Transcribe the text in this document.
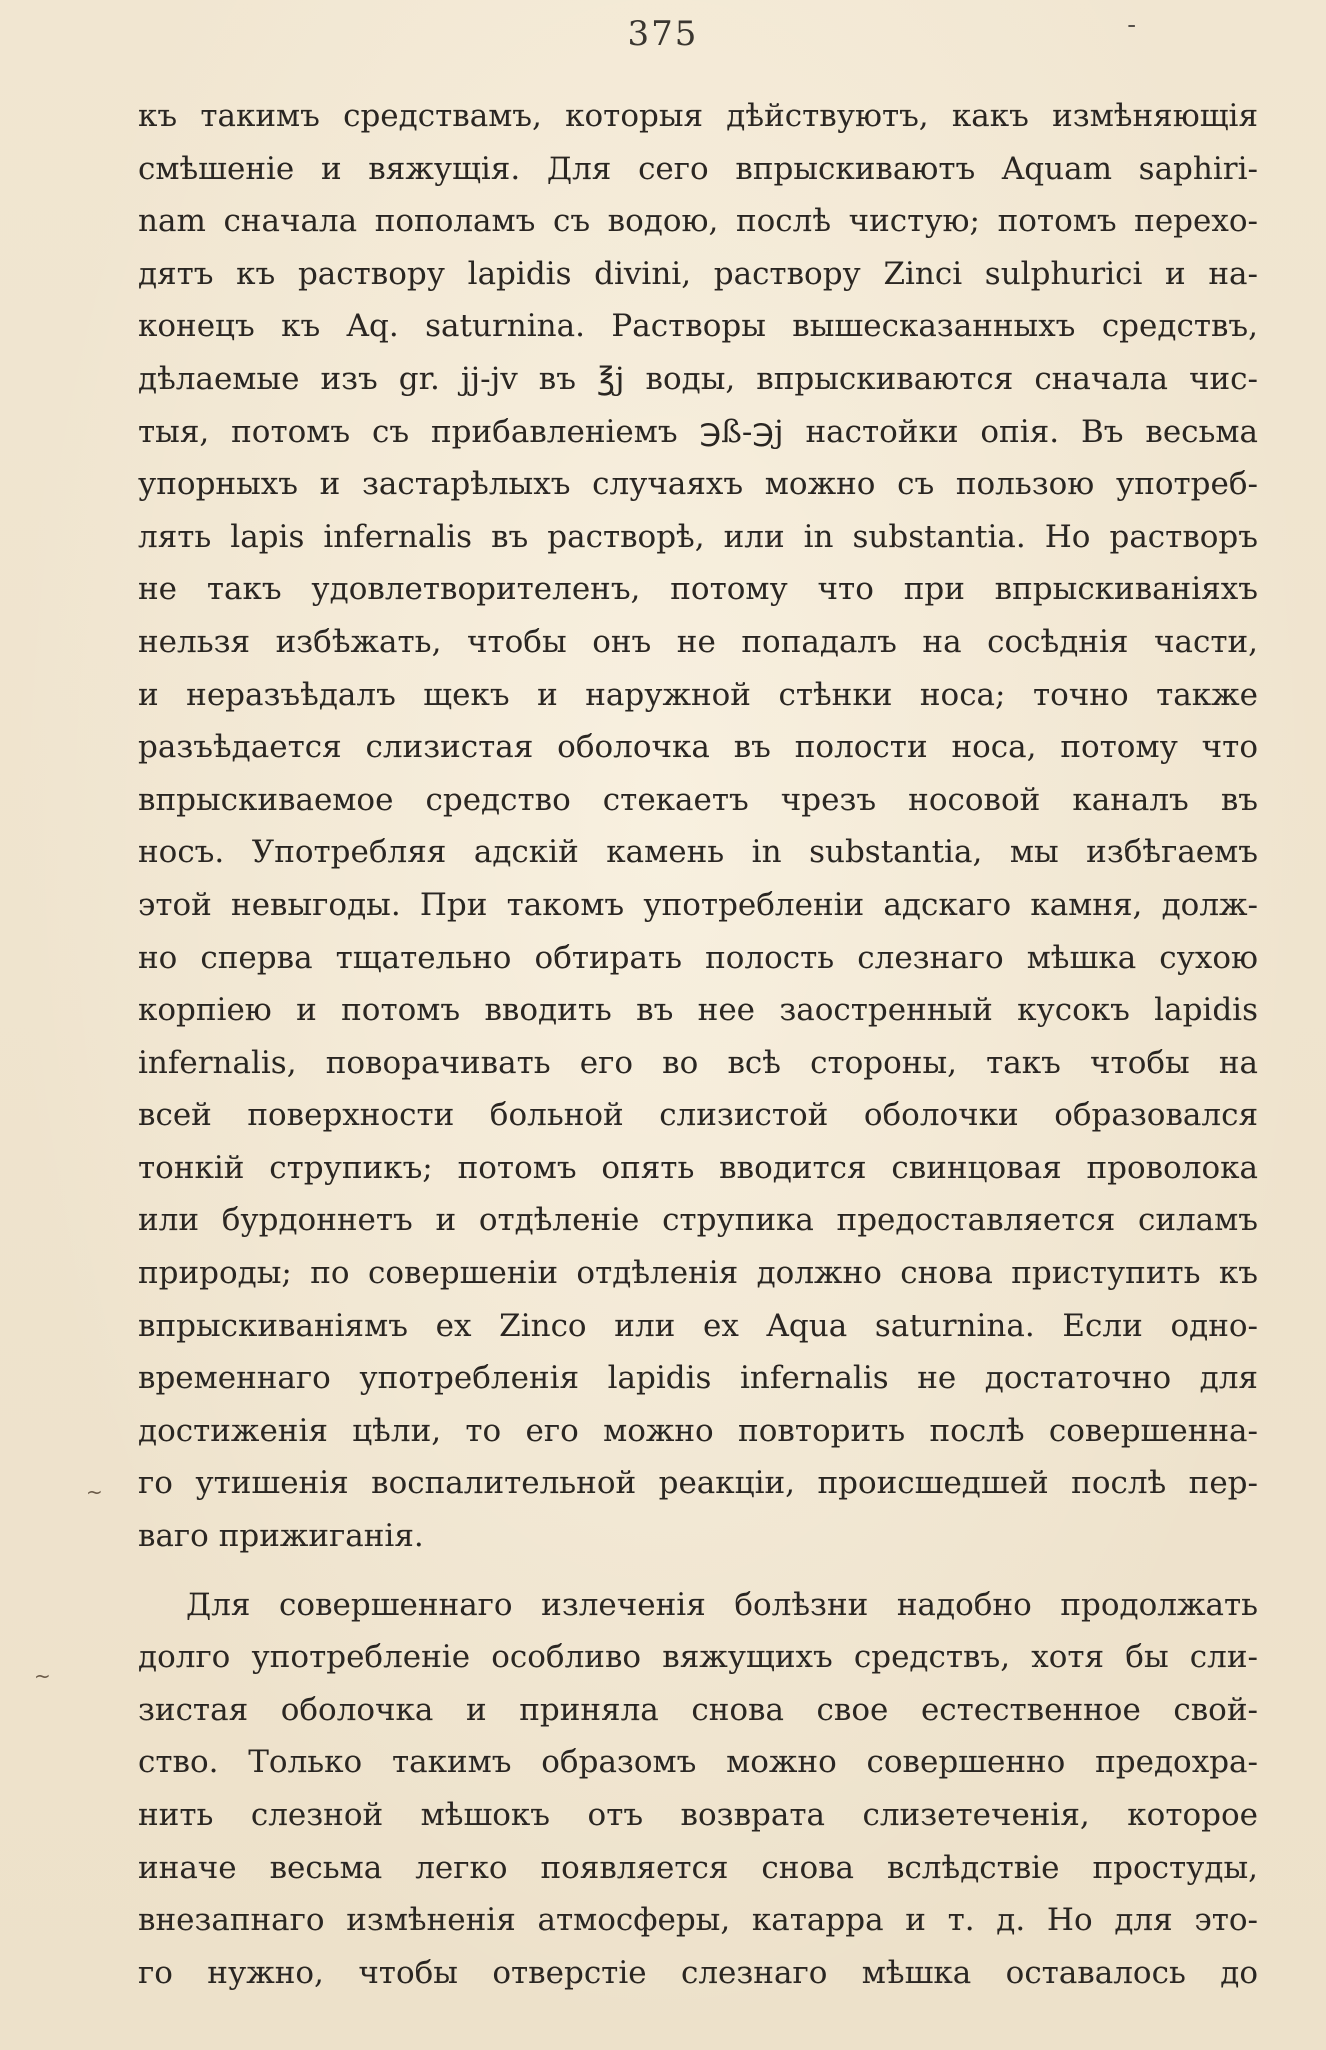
375	-
~
~
къ такимъ средствамъ, которыя дѣйствуютъ, какъ измѣняющія
смѣшеніе и вяжущія. Для сего впрыскиваютъ Aquam saphiri-
nam сначала пополамъ съ водою, послѣ чистую; потомъ перехо-
дятъ къ раствору lapidis divini, раствору Zinci sulphurici и на-
конецъ къ Aq. saturnina. Растворы вышесказанныхъ средствъ,
дѣлаемые изъ gr. jj-jv въ ℥j воды, впрыскиваются сначала чис-
тыя, потомъ съ прибавленіемъ ℈ß-℈j настойки опія. Въ весьма
упорныхъ и застарѣлыхъ случаяхъ можно съ пользою употреб-
лять lapis infernalis въ растворѣ, или in substantia. Но растворъ
не такъ удовлетворителенъ, потому что при впрыскиваніяхъ
нельзя избѣжать, чтобы онъ не попадалъ на сосѣднія части,
и неразъѣдалъ щекъ и наружной стѣнки носа; точно также
разъѣдается слизистая оболочка въ полости носа, потому что
впрыскиваемое средство стекаетъ чрезъ носовой каналъ въ
носъ. Употребляя адскій камень in substantia, мы избѣгаемъ
этой невыгоды. При такомъ употребленіи адскаго камня, долж-
но сперва тщательно обтирать полость слезнаго мѣшка сухою
корпіею и потомъ вводить въ нее заостренный кусокъ lapidis
infernalis, поворачивать его во всѣ стороны, такъ чтобы на
всей поверхности больной слизистой оболочки образовался
тонкій струпикъ; потомъ опять вводится свинцовая проволока
или бурдоннетъ и отдѣленіе струпика предоставляется силамъ
природы; по совершеніи отдѣленія должно снова приступить къ
впрыскиваніямъ ex Zinco или ex Aqua saturnina. Если одно-
временнаго употребленія lapidis infernalis не достаточно для
достиженія цѣли, то его можно повторить послѣ совершенна-
го утишенія воспалительной реакціи, происшедшей послѣ пер-
ваго прижиганія.
Для совершеннаго излеченія болѣзни надобно продолжать
долго употребленіе особливо вяжущихъ средствъ, хотя бы сли-
зистая оболочка и приняла снова свое естественное свой-
ство. Только такимъ образомъ можно совершенно предохра-
нить слезной мѣшокъ отъ возврата слизетеченія, которое
иначе весьма легко появляется снова вслѣдствіе простуды,
внезапнаго измѣненія атмосферы, катарра и т. д. Но для это-
го нужно, чтобы отверстіе слезнаго мѣшка оставалось до
